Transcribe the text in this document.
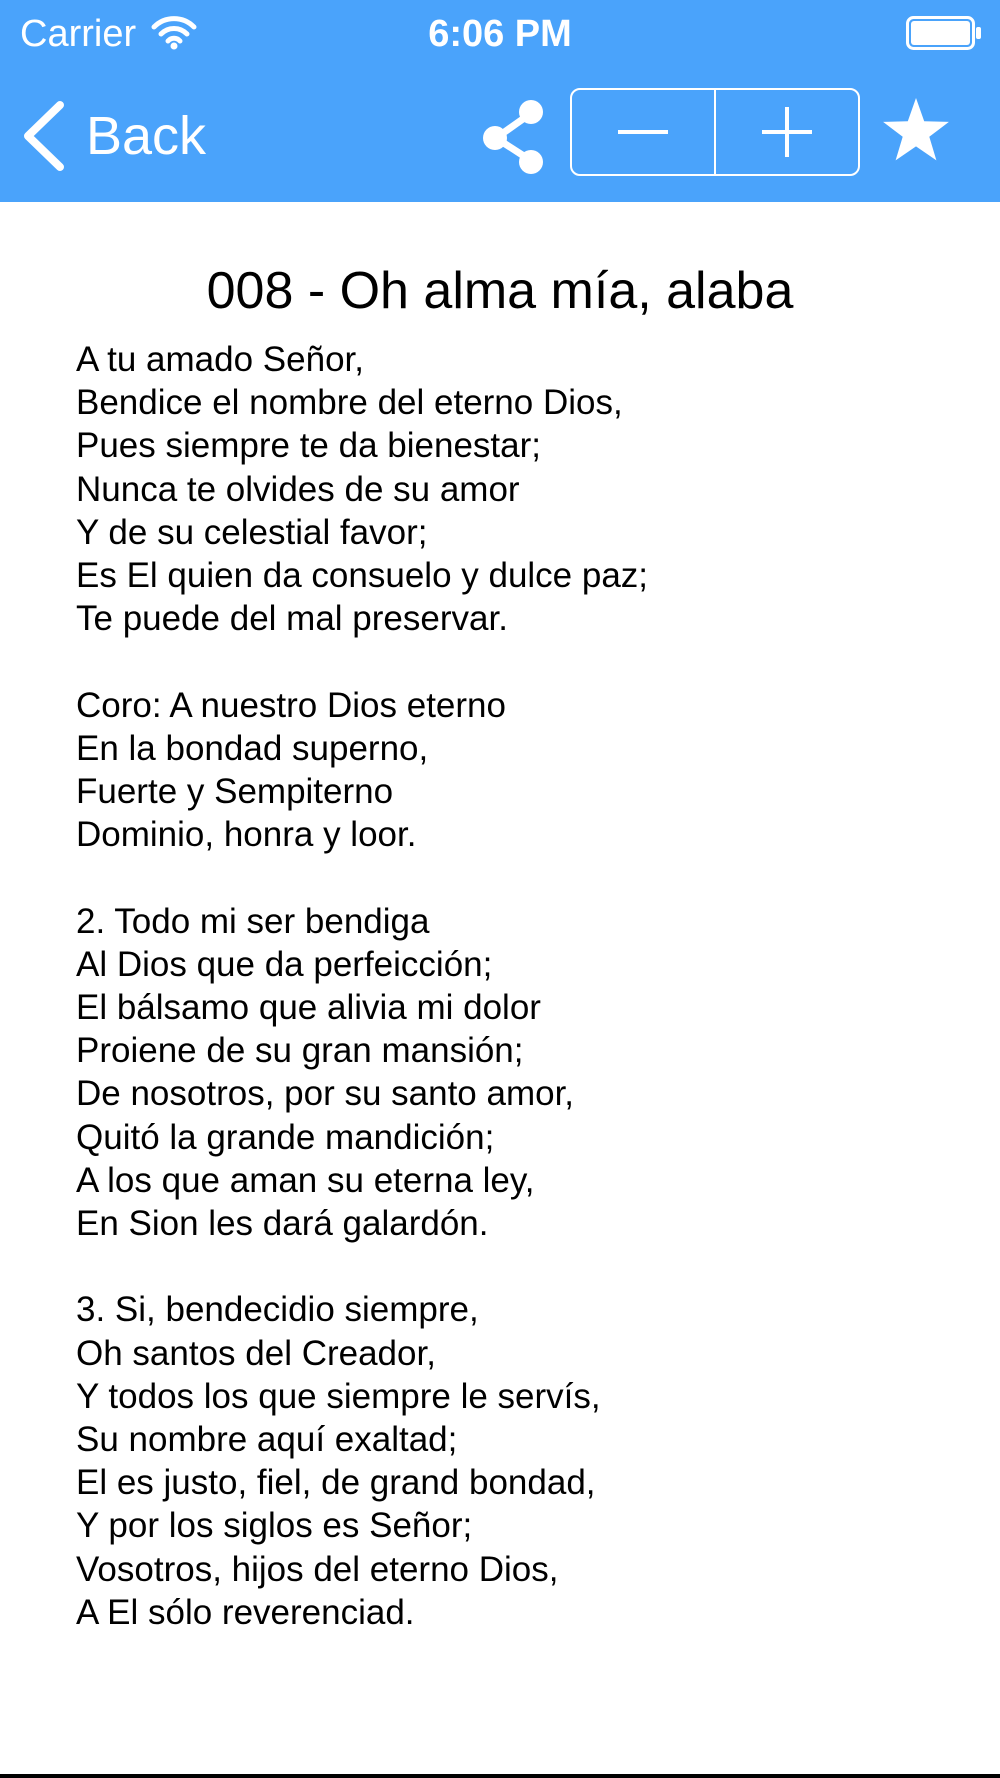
Carrier	6:06 PM
Back
008 - Oh alma mía, alaba
A tu amado Señor,
Bendice el nombre del eterno Dios,
Pues siempre te da bienestar;
Nunca te olvides de su amor
Y de su celestial favor;
Es El quien da consuelo y dulce paz;
Te puede del mal preservar.

Coro: A nuestro Dios eterno
En la bondad superno,
Fuerte y Sempiterno
Dominio, honra y loor.

2. Todo mi ser bendiga
Al Dios que da perfeicción;
El bálsamo que alivia mi dolor
Proiene de su gran mansión;
De nosotros, por su santo amor,
Quitó la grande mandición;
A los que aman su eterna ley,
En Sion les dará galardón.

3. Si, bendecidio siempre,
Oh santos del Creador,
Y todos los que siempre le servís,
Su nombre aquí exaltad;
El es justo, fiel, de grand bondad,
Y por los siglos es Señor;
Vosotros, hijos del eterno Dios,
A El sólo reverenciad.
